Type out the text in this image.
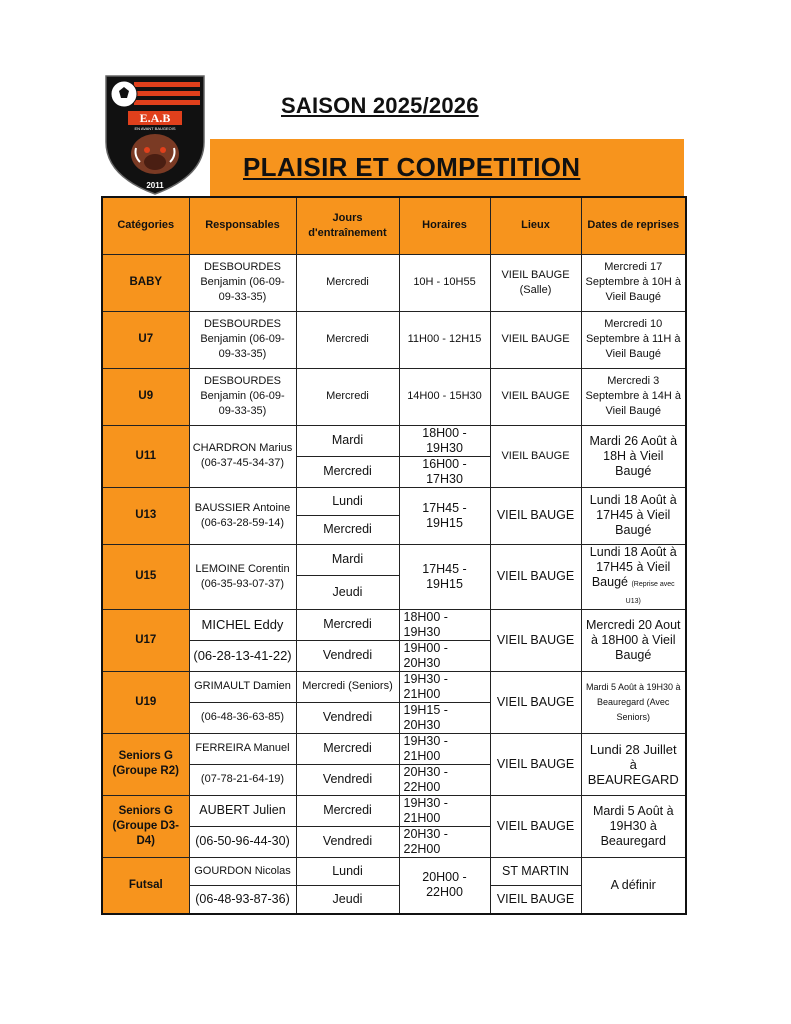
E.A.B
EN AVANT BAUGEOIS
2011
SAISON 2025/2026
PLAISIR ET COMPETITION
Catégories	Responsables	Jours d'entraînement	Horaires	Lieux	Dates de reprises
BABY	DESBOURDES Benjamin (06-09-09-33-35)	Mercredi	10H - 10H55	VIEIL BAUGE (Salle)	Mercredi 17 Septembre à 10H à Vieil Baugé
U7	DESBOURDES Benjamin (06-09-09-33-35)	Mercredi	11H00 - 12H15	VIEIL BAUGE	Mercredi 10 Septembre à 11H à Vieil Baugé
U9	DESBOURDES Benjamin (06-09-09-33-35)	Mercredi	14H00 - 15H30	VIEIL BAUGE	Mercredi 3 Septembre à 14H à Vieil Baugé
U11	CHARDRON Marius (06-37-45-34-37)	Mardi	18H00 - 19H30	VIEIL BAUGE	Mardi 26 Août à 18H à Vieil Baugé
		Mercredi	16H00 - 17H30		
U13	BAUSSIER Antoine (06-63-28-59-14)	Lundi	17H45 - 19H15	VIEIL BAUGE	Lundi 18 Août à 17H45 à Vieil Baugé
		Mercredi			
U15	LEMOINE Corentin (06-35-93-07-37)	Mardi	17H45 - 19H15	VIEIL BAUGE	Lundi 18 Août à 17H45 à Vieil Baugé (Reprise avec U13)
		Jeudi			
U17	MICHEL Eddy	Mercredi	18H00 - 19H30	VIEIL BAUGE	Mercredi 20 Aout à 18H00 à Vieil Baugé
	(06-28-13-41-22)	Vendredi	19H00 - 20H30		
U19	GRIMAULT Damien	Mercredi (Seniors)	19H30 - 21H00	VIEIL BAUGE	Mardi 5 Août à 19H30 à Beauregard (Avec Seniors)
	(06-48-36-63-85)	Vendredi	19H15 - 20H30		
Seniors G (Groupe R2)	FERREIRA Manuel	Mercredi	19H30 - 21H00	VIEIL BAUGE	Lundi 28 Juillet à BEAUREGARD
	(07-78-21-64-19)	Vendredi	20H30 - 22H00		
Seniors G (Groupe D3-D4)	AUBERT Julien	Mercredi	19H30 - 21H00	VIEIL BAUGE	Mardi 5 Août à 19H30 à Beauregard
	(06-50-96-44-30)	Vendredi	20H30 - 22H00		
Futsal	GOURDON Nicolas	Lundi	20H00 - 22H00	ST MARTIN	A définir
	(06-48-93-87-36)	Jeudi		VIEIL BAUGE	
